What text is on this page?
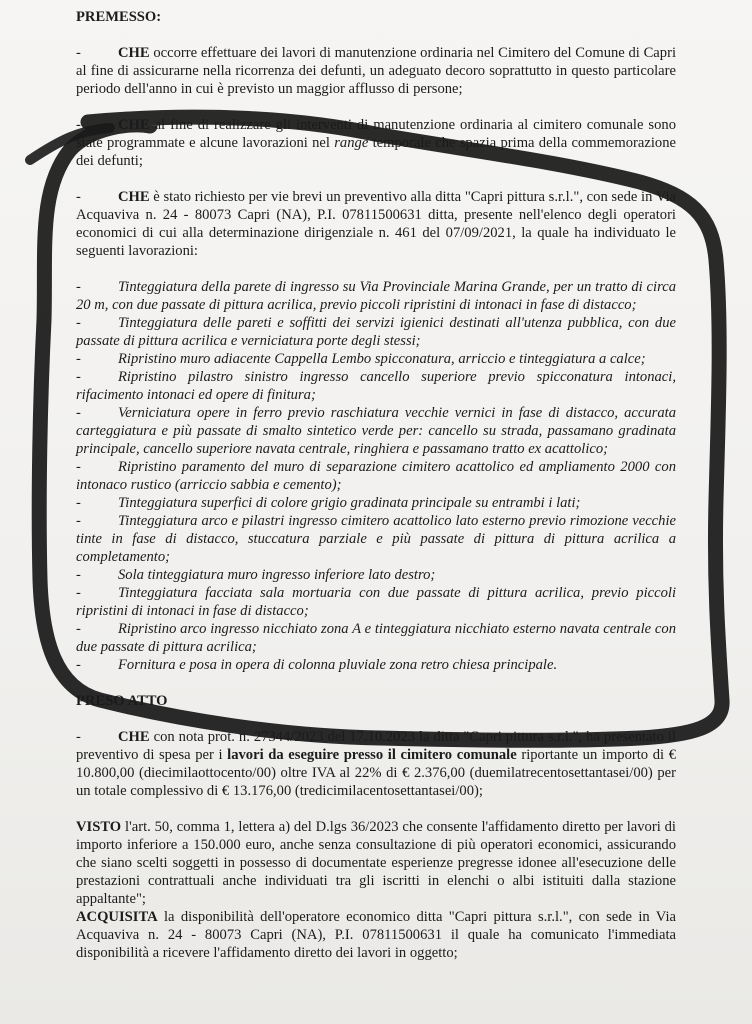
PREMESSO:

-	CHE occorre effettuare dei lavori di manutenzione ordinaria nel Cimitero del Comune di Capri al fine di assicurarne nella ricorrenza dei defunti, un adeguato decoro soprattutto in questo particolare periodo dell'anno in cui è previsto un maggior afflusso di persone;

-	CHE al fine di realizzare gli interventi di manutenzione ordinaria al cimitero comunale sono state programmate e alcune lavorazioni nel range temporale che spazia prima della commemorazione dei defunti;

-	CHE è stato richiesto per vie brevi un preventivo alla ditta "Capri pittura s.r.l.", con sede in Via Acquaviva n. 24 - 80073 Capri (NA), P.I. 07811500631 ditta, presente nell'elenco degli operatori economici di cui alla determinazione dirigenziale n. 461 del 07/09/2021, la quale ha individuato le seguenti lavorazioni:

-	Tinteggiatura della parete di ingresso su Via Provinciale Marina Grande, per un tratto di circa 20 m, con due passate di pittura acrilica, previo piccoli ripristini di intonaci in fase di distacco;
-	Tinteggiatura delle pareti e soffitti dei servizi igienici destinati all'utenza pubblica, con due passate di pittura acrilica e verniciatura porte degli stessi;
-	Ripristino muro adiacente Cappella Lembo spicconatura, arriccio e tinteggiatura a calce;
-	Ripristino pilastro sinistro ingresso cancello superiore previo spicconatura intonaci, rifacimento intonaci ed opere di finitura;
-	Verniciatura opere in ferro previo raschiatura vecchie vernici in fase di distacco, accurata carteggiatura e più passate di smalto sintetico verde per: cancello su strada, passamano gradinata principale, cancello superiore navata centrale, ringhiera e passamano tratto ex acattolico;
-	Ripristino paramento del muro di separazione cimitero acattolico ed ampliamento 2000 con intonaco rustico (arriccio sabbia e cemento);
-	Tinteggiatura superfici di colore grigio gradinata principale su entrambi i lati;
-	Tinteggiatura arco e pilastri ingresso cimitero acattolico lato esterno previo rimozione vecchie tinte in fase di distacco, stuccatura parziale e più passate di pittura di pittura acrilica a completamento;
-	Sola tinteggiatura muro ingresso inferiore lato destro;
-	Tinteggiatura facciata sala mortuaria con due passate di pittura acrilica, previo piccoli ripristini di intonaci in fase di distacco;
-	Ripristino arco ingresso nicchiato zona A e tinteggiatura nicchiato esterno navata centrale con due passate di pittura acrilica;
-	Fornitura e posa in opera di colonna pluviale zona retro chiesa principale.

PRESO ATTO

-	CHE con nota prot. n. 27344/2023 del 17.10.2023 la ditta "Capri pittura s.r.l.", ha presentato il preventivo di spesa per i lavori da eseguire presso il cimitero comunale riportante un importo di € 10.800,00 (diecimilaottocento/00) oltre IVA al 22% di € 2.376,00 (duemilatrecentosettantasei/00) per un totale complessivo di € 13.176,00 (tredicimilacentosettantasei/00);

VISTO l'art. 50, comma 1, lettera a) del D.lgs 36/2023 che consente l'affidamento diretto per lavori di importo inferiore a 150.000 euro, anche senza consultazione di più operatori economici, assicurando che siano scelti soggetti in possesso di documentate esperienze pregresse idonee all'esecuzione delle prestazioni contrattuali anche individuati tra gli iscritti in elenchi o albi istituiti dalla stazione appaltante";

ACQUISITA la disponibilità dell'operatore economico ditta "Capri pittura s.r.l.", con sede in Via Acquaviva n. 24 - 80073 Capri (NA), P.I. 07811500631 il quale ha comunicato l'immediata disponibilità a ricevere l'affidamento diretto dei lavori in oggetto;
